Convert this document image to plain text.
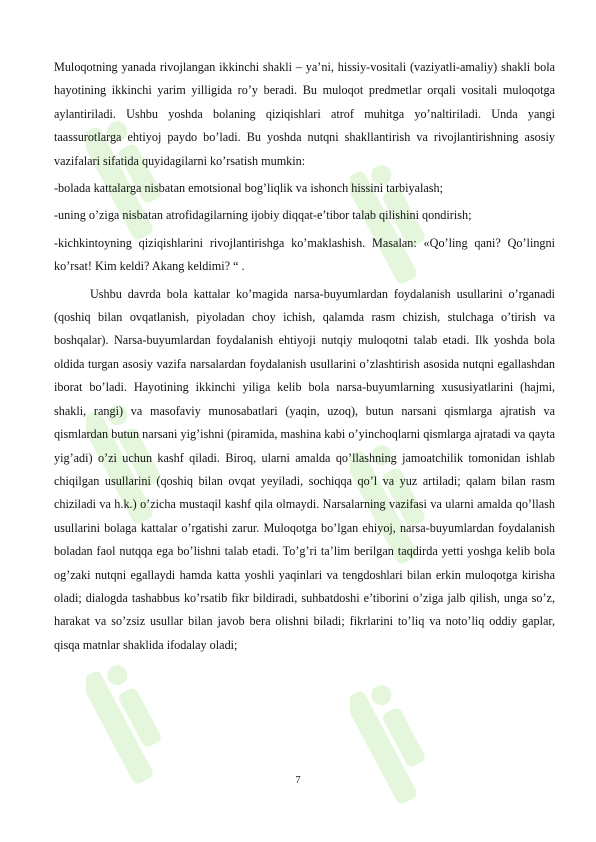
Muloqotning yanada rivojlangan ikkinchi shakli – ya’ni, hissiy-vositali (vaziyatli-amaliy) shakli bola hayotining ikkinchi yarim yilligida ro’y beradi. Bu muloqot predmetlar orqali vositali muloqotga aylantiriladi. Ushbu yoshda bolaning qiziqishlari atrof muhitga yo’naltiriladi. Unda yangi taassurotlarga ehtiyoj paydo bo’ladi. Bu yoshda nutqni shakllantirish va rivojlantirishning asosiy vazifalari sifatida quyidagilarni ko’rsatish mumkin:

-bolada kattalarga nisbatan emotsional bog’liqlik va ishonch hissini tarbiyalash;

-uning o’ziga nisbatan atrofidagilarning ijobiy diqqat-e’tibor talab qilishini qondirish;

-kichkintoyning qiziqishlarini rivojlantirishga ko’maklashish. Masalan: «Qo’ling qani? Qo’lingni ko’rsat! Kim keldi? Akang keldimi? “ .

Ushbu davrda bola kattalar ko’magida narsa-buyumlardan foydalanish usullarini o’rganadi (qoshiq bilan ovqatlanish, piyoladan choy ichish, qalamda rasm chizish, stulchaga o’tirish va boshqalar). Narsa-buyumlardan foydalanish ehtiyoji nutqiy muloqotni talab etadi. Ilk yoshda bola oldida turgan asosiy vazifa narsalardan foydalanish usullarini o’zlashtirish asosida nutqni egallashdan iborat bo’ladi. Hayotining ikkinchi yiliga kelib bola narsa-buyumlarning xususiyatlarini (hajmi, shakli, rangi) va masofaviy munosabatlari (yaqin, uzoq), butun narsani qismlarga ajratish va qismlardan butun narsani yig’ishni (piramida, mashina kabi o’yinchoqlarni qismlarga ajratadi va qayta yig’adi) o’zi uchun kashf qiladi. Biroq, ularni amalda qo’llashning jamoatchilik tomonidan ishlab chiqilgan usullarini (qoshiq bilan ovqat yeyiladi, sochiqqa qo’l va yuz artiladi; qalam bilan rasm chiziladi va h.k.) o’zicha mustaqil kashf qila olmaydi. Narsalarning vazifasi va ularni amalda qo’llash usullarini bolaga kattalar o’rgatishi zarur. Muloqotga bo’lgan ehiyoj, narsa-buyumlardan foydalanish boladan faol nutqqa ega bo’lishni talab etadi. To’g’ri ta’lim berilgan taqdirda yetti yoshga kelib bola og’zaki nutqni egallaydi hamda katta yoshli yaqinlari va tengdoshlari bilan erkin muloqotga kirisha oladi; dialogda tashabbus ko’rsatib fikr bildiradi, suhbatdoshi e’tiborini o’ziga jalb qilish, unga so’z, harakat va so’zsiz usullar bilan javob bera olishni biladi; fikrlarini to’liq va noto’liq oddiy gaplar, qisqa matnlar shaklida ifodalay oladi;

7
